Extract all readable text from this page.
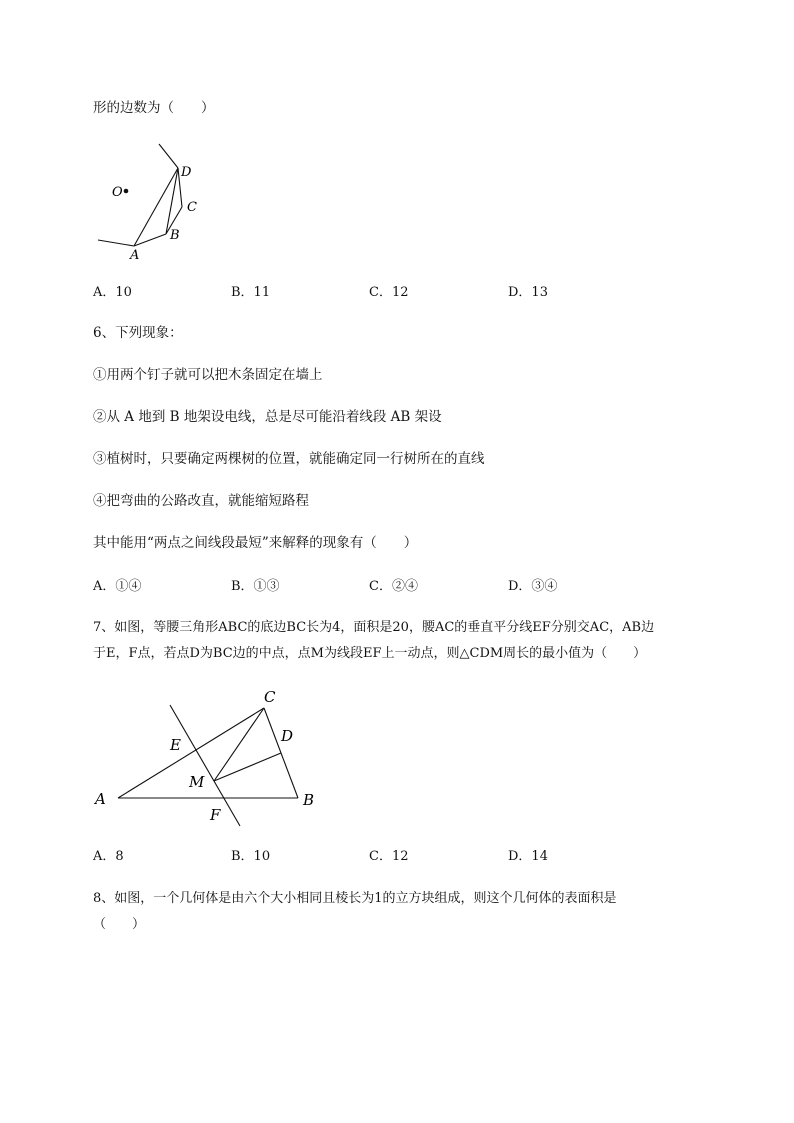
形的边数为（　　）
O
D
C
B
A
A．10	B．11	C．12	D．13
6、下列现象：
①用两个钉子就可以把木条固定在墙上
②从 A 地到 B 地架设电线，总是尽可能沿着线段 AB 架设
③植树时，只要确定两棵树的位置，就能确定同一行树所在的直线
④把弯曲的公路改直，就能缩短路程
其中能用“两点之间线段最短”来解释的现象有（　　）
A．①④	B．①③	C．②④	D．③④
7、如图，等腰三角形ABC的底边BC长为4，面积是20，腰AC的垂直平分线EF分别交AC，AB边
于E，F点，若点D为BC边的中点，点M为线段EF上一动点，则△CDM周长的最小值为（　　）
C
D
E
M
A	B
F
A．8	B．10	C．12	D．14
8、如图，一个几何体是由六个大小相同且棱长为1的立方块组成，则这个几何体的表面积是
（　　）
